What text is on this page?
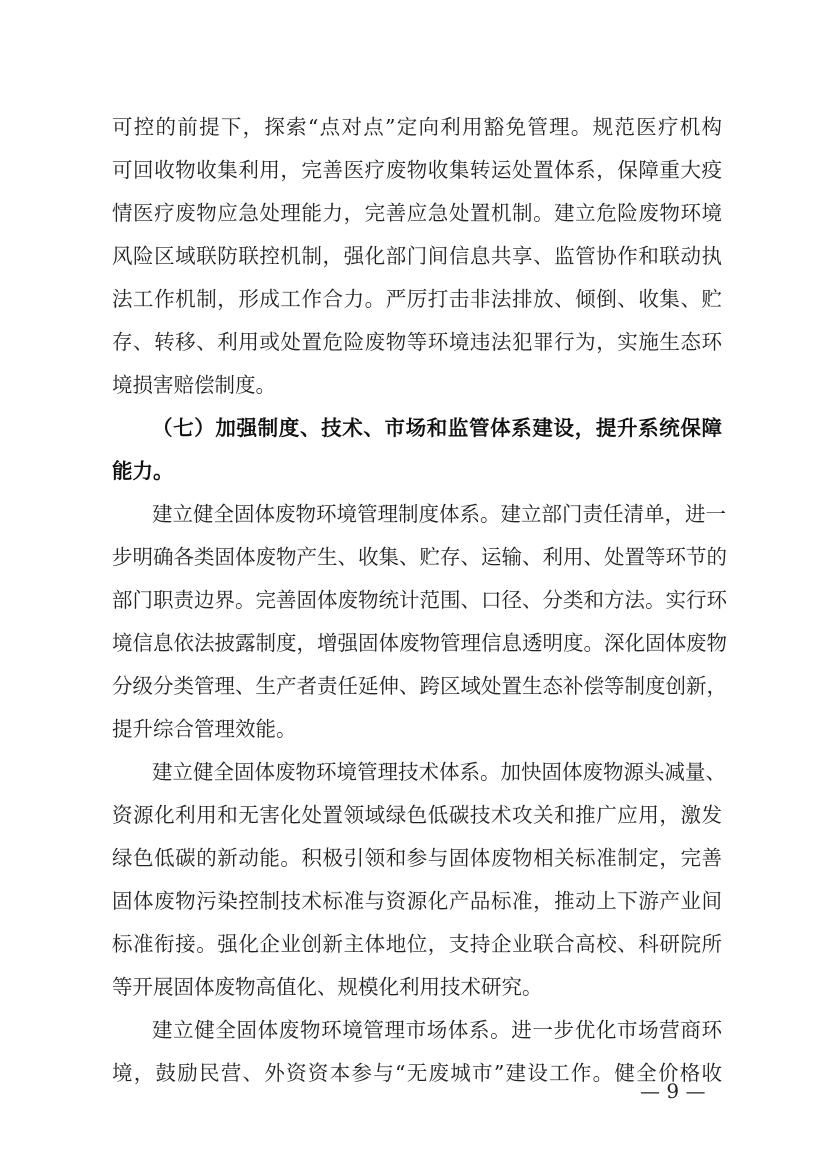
可控的前提下，探索“点对点”定向利用豁免管理。规范医疗机构
可回收物收集利用，完善医疗废物收集转运处置体系，保障重大疫
情医疗废物应急处理能力，完善应急处置机制。建立危险废物环境
风险区域联防联控机制，强化部门间信息共享、监管协作和联动执
法工作机制，形成工作合力。严厉打击非法排放、倾倒、收集、贮
存、转移、利用或处置危险废物等环境违法犯罪行为，实施生态环
境损害赔偿制度。
（七）加强制度、技术、市场和监管体系建设，提升系统保障
能力。
建立健全固体废物环境管理制度体系。建立部门责任清单，进一
步明确各类固体废物产生、收集、贮存、运输、利用、处置等环节的
部门职责边界。完善固体废物统计范围、口径、分类和方法。实行环
境信息依法披露制度，增强固体废物管理信息透明度。深化固体废物
分级分类管理、生产者责任延伸、跨区域处置生态补偿等制度创新，
提升综合管理效能。
建立健全固体废物环境管理技术体系。加快固体废物源头减量、
资源化利用和无害化处置领域绿色低碳技术攻关和推广应用，激发
绿色低碳的新动能。积极引领和参与固体废物相关标准制定，完善
固体废物污染控制技术标准与资源化产品标准，推动上下游产业间
标准衔接。强化企业创新主体地位，支持企业联合高校、科研院所
等开展固体废物高值化、规模化利用技术研究。
建立健全固体废物环境管理市场体系。进一步优化市场营商环
境，鼓励民营、外资资本参与“无废城市”建设工作。健全价格收
— 9 —
